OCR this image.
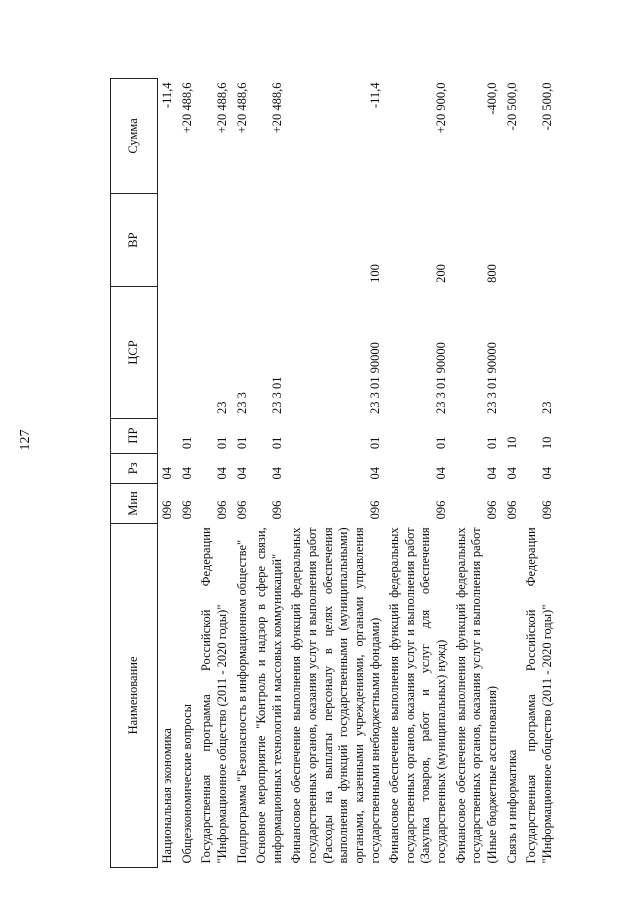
127
Наименование	Мин	Рз	ПР	ЦСР	ВР	Сумма
Национальная экономика	096	04				-11,4
Общеэкономические вопросы	096	04	01			+20 488,6
Государственная программа Российской Федерации "Информационное общество (2011 - 2020 годы)"	096	04	01	23		+20 488,6
Подпрограмма "Безопасность в информационном обществе"	096	04	01	23 3		+20 488,6
Основное мероприятие "Контроль и надзор в сфере связи, информационных технологий и массовых коммуникаций"	096	04	01	23 3 01		+20 488,6
Финансовое обеспечение выполнения функций федеральных государственных органов, оказания услуг и выполнения работ (Расходы на выплаты персоналу в целях обеспечения выполнения функций государственными (муниципальными) органами, казенными учреждениями, органами управления государственными внебюджетными фондами)	096	04	01	23 3 01 90000	100	-11,4
Финансовое обеспечение выполнения функций федеральных государственных органов, оказания услуг и выполнения работ (Закупка товаров, работ и услуг для обеспечения государственных (муниципальных) нужд)	096	04	01	23 3 01 90000	200	+20 900,0
Финансовое обеспечение выполнения функций федеральных государственных органов, оказания услуг и выполнения работ (Иные бюджетные ассигнования)	096	04	01	23 3 01 90000	800	-400,0
Связь и информатика	096	04	10			-20 500,0
Государственная программа Российской Федерации "Информационное общество (2011 - 2020 годы)"	096	04	10	23		-20 500,0
